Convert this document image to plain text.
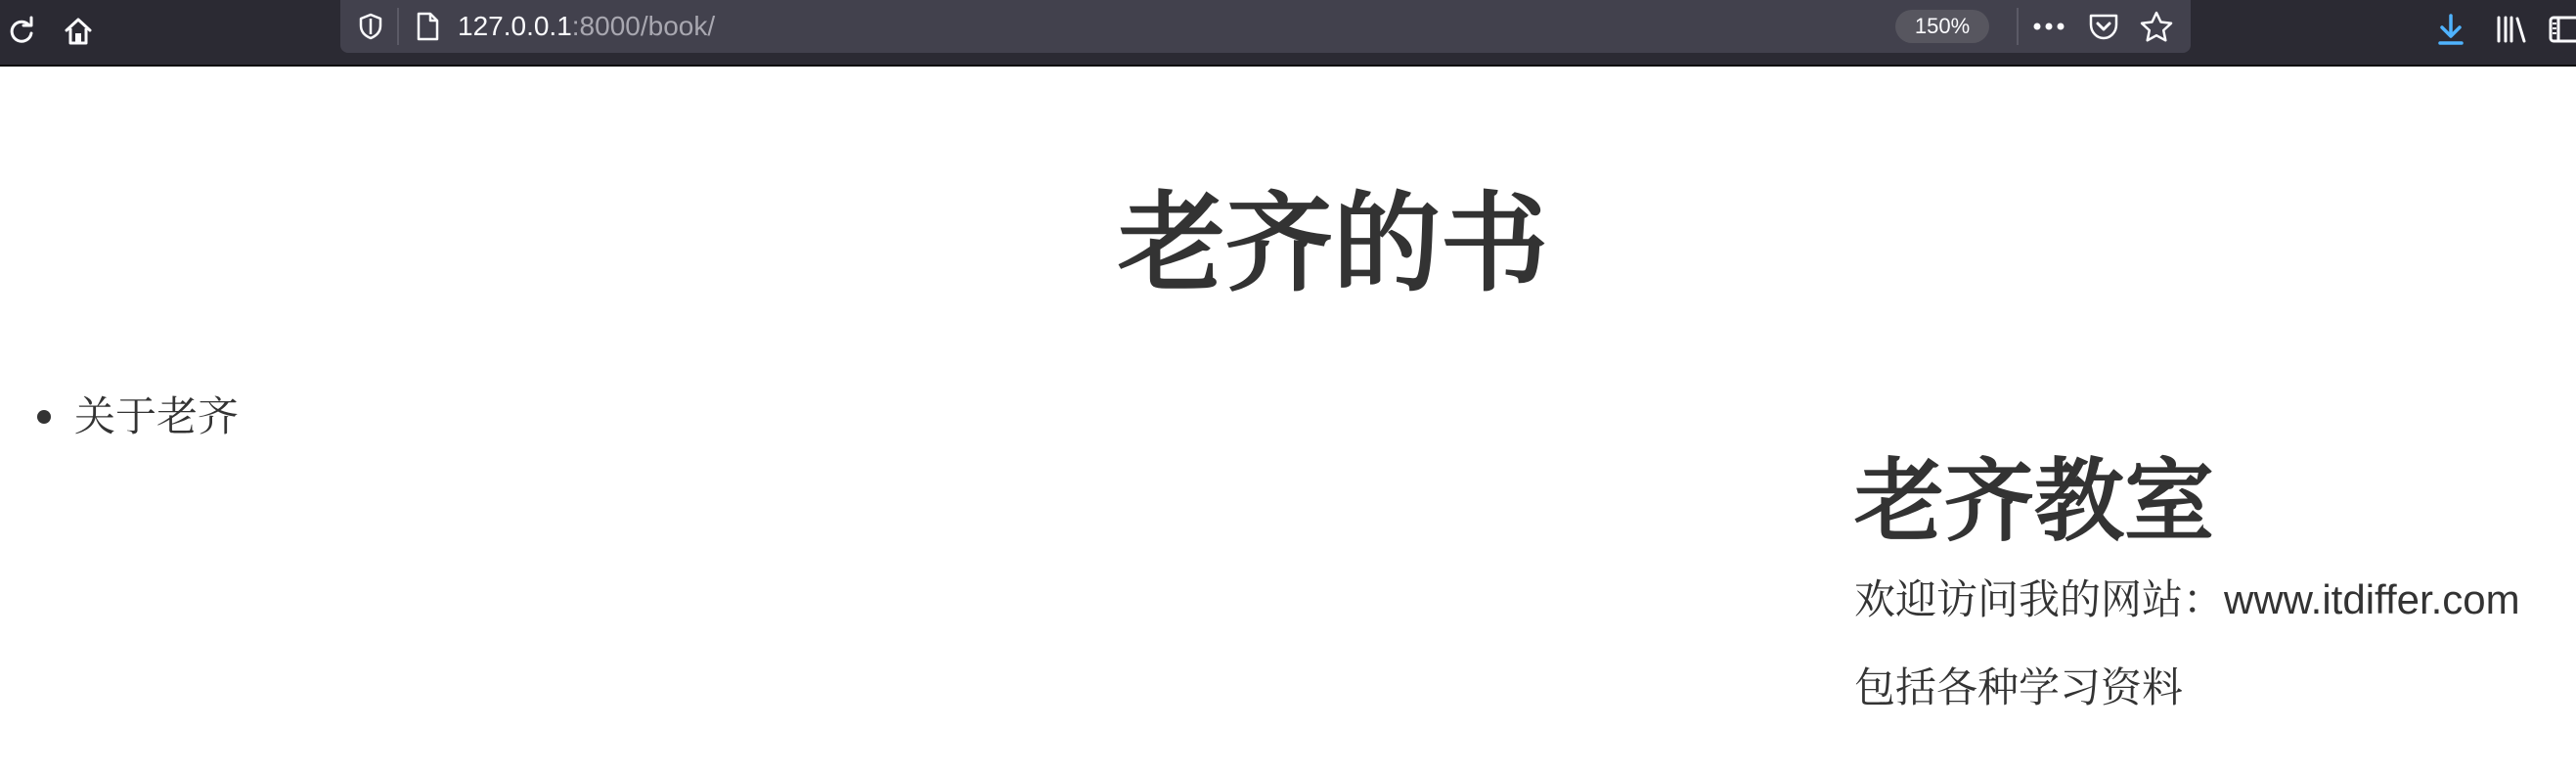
127.0.0.1:8000/book/	150%
老齐的书
关于老齐
老齐教室

欢迎访问我的网站：www.itdiffer.com

包括各种学习资料
